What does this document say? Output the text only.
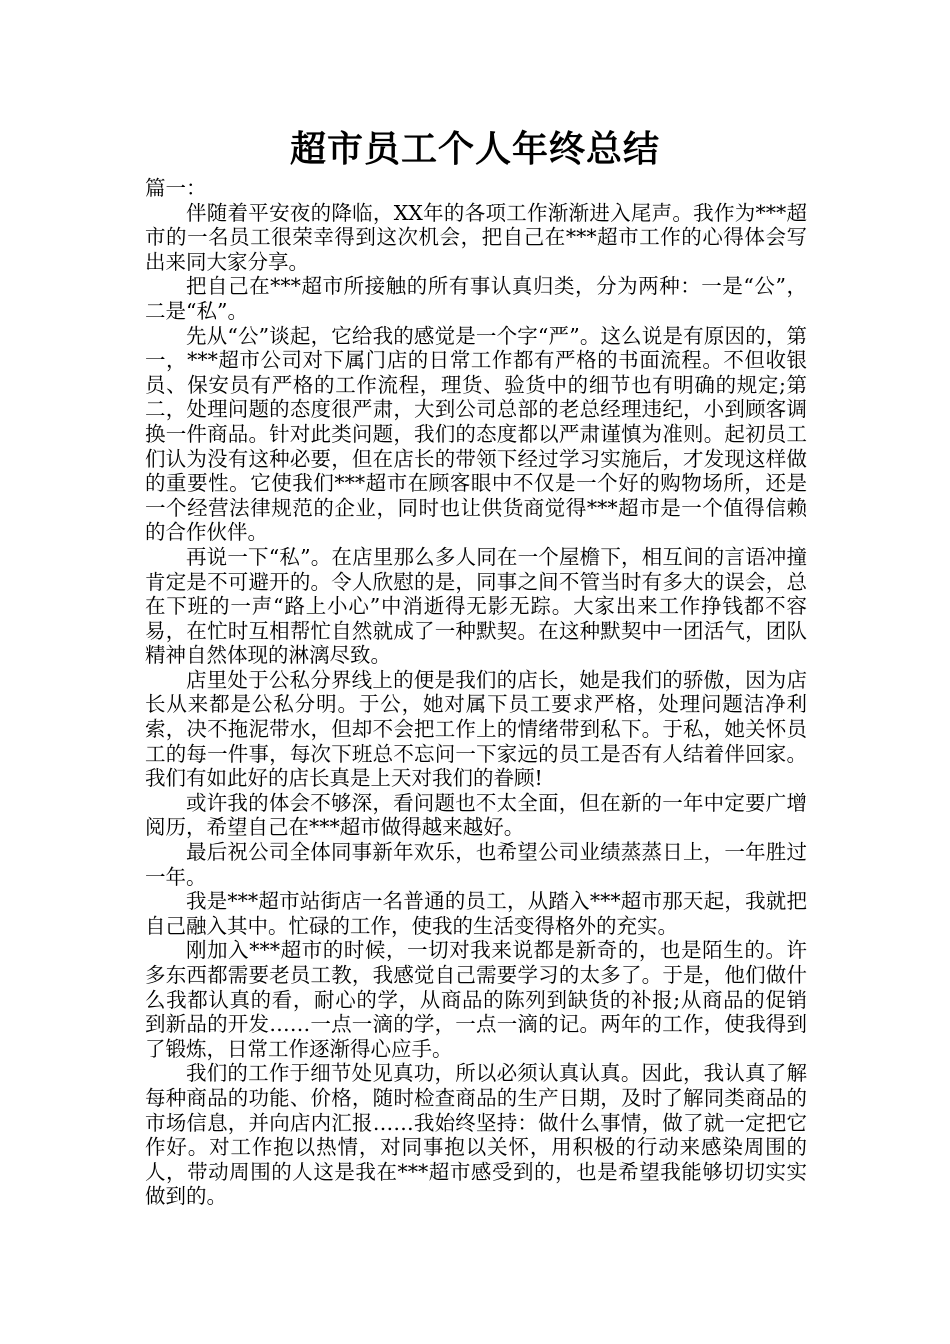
超市员工个人年终总结

篇一：

伴随着平安夜的降临，XX年的各项工作渐渐进入尾声。我作为***超市的一名员工很荣幸得到这次机会，把自己在***超市工作的心得体会写出来同大家分享。

把自己在***超市所接触的所有事认真归类，分为两种：一是“公”，二是“私”。

先从“公”谈起，它给我的感觉是一个字“严”。这么说是有原因的，第一，***超市公司对下属门店的日常工作都有严格的书面流程。不但收银员、保安员有严格的工作流程，理货、验货中的细节也有明确的规定;第二，处理问题的态度很严肃，大到公司总部的老总经理违纪，小到顾客调换一件商品。针对此类问题，我们的态度都以严肃谨慎为准则。起初员工们认为没有这种必要，但在店长的带领下经过学习实施后，才发现这样做的重要性。它使我们***超市在顾客眼中不仅是一个好的购物场所，还是一个经营法律规范的企业，同时也让供货商觉得***超市是一个值得信赖的合作伙伴。

再说一下“私”。在店里那么多人同在一个屋檐下，相互间的言语冲撞肯定是不可避开的。令人欣慰的是，同事之间不管当时有多大的误会，总在下班的一声“路上小心”中消逝得无影无踪。大家出来工作挣钱都不容易，在忙时互相帮忙自然就成了一种默契。在这种默契中一团活气，团队精神自然体现的淋漓尽致。

店里处于公私分界线上的便是我们的店长，她是我们的骄傲，因为店长从来都是公私分明。于公，她对属下员工要求严格，处理问题洁净利索，决不拖泥带水，但却不会把工作上的情绪带到私下。于私，她关怀员工的每一件事，每次下班总不忘问一下家远的员工是否有人结着伴回家。我们有如此好的店长真是上天对我们的眷顾!

或许我的体会不够深，看问题也不太全面，但在新的一年中定要广增阅历，希望自己在***超市做得越来越好。

最后祝公司全体同事新年欢乐，也希望公司业绩蒸蒸日上，一年胜过一年。

我是***超市站街店一名普通的员工，从踏入***超市那天起，我就把自己融入其中。忙碌的工作，使我的生活变得格外的充实。

刚加入***超市的时候，一切对我来说都是新奇的，也是陌生的。许多东西都需要老员工教，我感觉自己需要学习的太多了。于是，他们做什么我都认真的看，耐心的学，从商品的陈列到缺货的补报;从商品的促销到新品的开发……一点一滴的学，一点一滴的记。两年的工作，使我得到了锻炼，日常工作逐渐得心应手。

我们的工作于细节处见真功，所以必须认真认真。因此，我认真了解每种商品的功能、价格，随时检查商品的生产日期，及时了解同类商品的市场信息，并向店内汇报……我始终坚持：做什么事情，做了就一定把它作好。对工作抱以热情，对同事抱以关怀，用积极的行动来感染周围的人，带动周围的人这是我在***超市感受到的，也是希望我能够切切实实做到的。
